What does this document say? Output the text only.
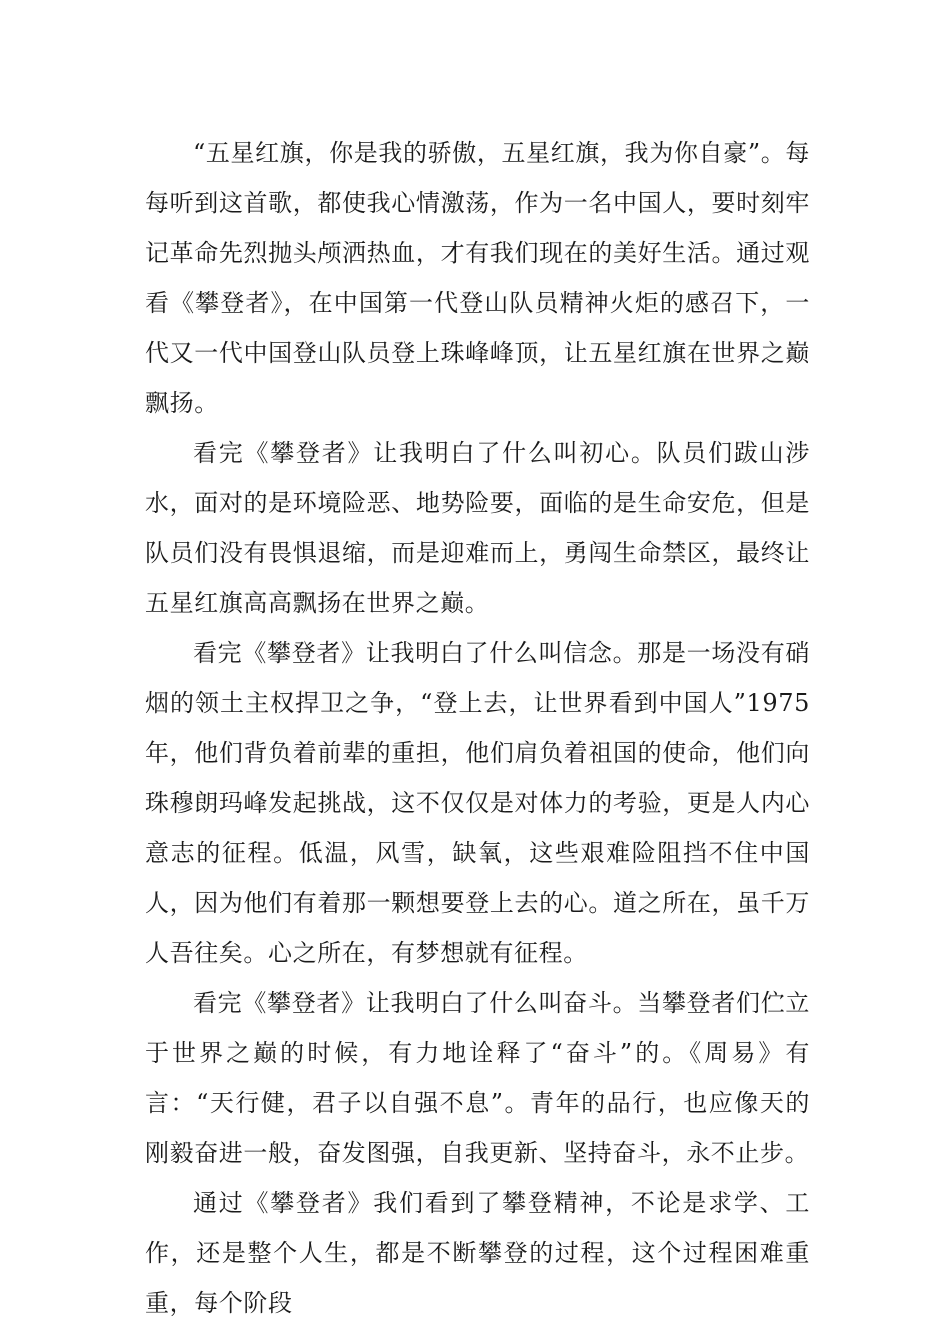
“五星红旗，你是我的骄傲，五星红旗，我为你自豪”。每每听到这首歌，都使我心情激荡，作为一名中国人，要时刻牢记革命先烈抛头颅洒热血，才有我们现在的美好生活。通过观看《攀登者》，在中国第一代登山队员精神火炬的感召下，一代又一代中国登山队员登上珠峰峰顶，让五星红旗在世界之巅飘扬。

看完《攀登者》让我明白了什么叫初心。队员们跋山涉水，面对的是环境险恶、地势险要，面临的是生命安危，但是队员们没有畏惧退缩，而是迎难而上，勇闯生命禁区，最终让五星红旗高高飘扬在世界之巅。

看完《攀登者》让我明白了什么叫信念。那是一场没有硝烟的领土主权捍卫之争，“登上去，让世界看到中国人”1975年，他们背负着前辈的重担，他们肩负着祖国的使命，他们向珠穆朗玛峰发起挑战，这不仅仅是对体力的考验，更是人内心意志的征程。低温，风雪，缺氧，这些艰难险阻挡不住中国人，因为他们有着那一颗想要登上去的心。道之所在，虽千万人吾往矣。心之所在，有梦想就有征程。

看完《攀登者》让我明白了什么叫奋斗。当攀登者们伫立于世界之巅的时候，有力地诠释了“奋斗”的。《周易》有言：“天行健，君子以自强不息”。青年的品行，也应像天的刚毅奋进一般，奋发图强，自我更新、坚持奋斗，永不止步。

通过《攀登者》我们看到了攀登精神，不论是求学、工作，还是整个人生，都是不断攀登的过程，这个过程困难重重，每个阶段
